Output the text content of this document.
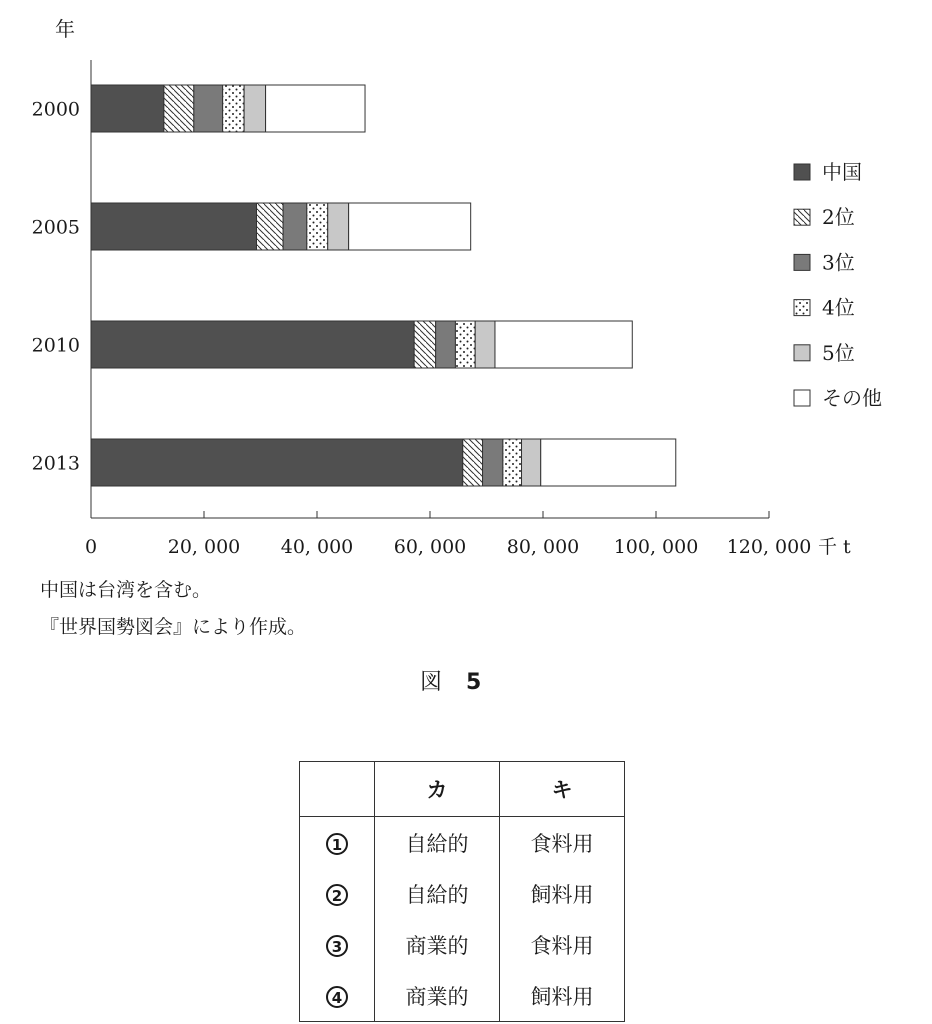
年
0	20, 000 40, 000 60, 000 80, 000 100, 000 120, 000 千 t
2000
2005
2010
2013
中国
2位
3位
4位
5位
その他
中国は台湾を含む。
『世界国勢図会』により作成。
図 5
	カ	キ
1	自給的	食料用
2	自給的	飼料用
3	商業的	食料用
4	商業的	飼料用
